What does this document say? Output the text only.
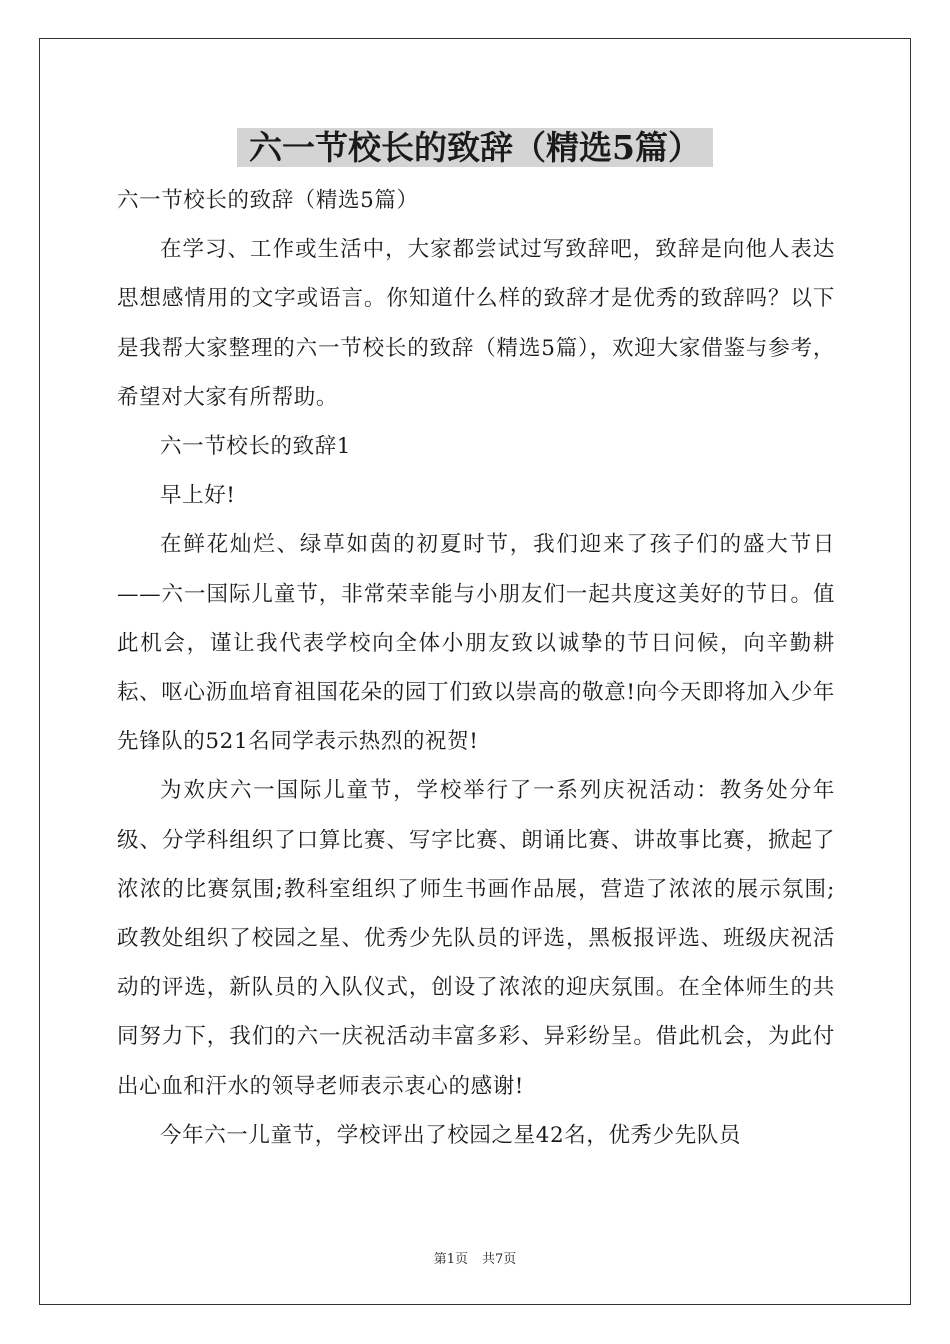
六一节校长的致辞（精选5篇）

六一节校长的致辞（精选5篇）

在学习、工作或生活中，大家都尝试过写致辞吧，致辞是向他人表达思想感情用的文字或语言。你知道什么样的致辞才是优秀的致辞吗？以下是我帮大家整理的六一节校长的致辞（精选5篇），欢迎大家借鉴与参考，希望对大家有所帮助。

六一节校长的致辞1

早上好!

在鲜花灿烂、绿草如茵的初夏时节，我们迎来了孩子们的盛大节日——六一国际儿童节，非常荣幸能与小朋友们一起共度这美好的节日。值此机会，谨让我代表学校向全体小朋友致以诚挚的节日问候，向辛勤耕耘、呕心沥血培育祖国花朵的园丁们致以崇高的敬意!向今天即将加入少年先锋队的521名同学表示热烈的祝贺!

为欢庆六一国际儿童节，学校举行了一系列庆祝活动：教务处分年级、分学科组织了口算比赛、写字比赛、朗诵比赛、讲故事比赛，掀起了浓浓的比赛氛围;教科室组织了师生书画作品展，营造了浓浓的展示氛围;政教处组织了校园之星、优秀少先队员的评选，黑板报评选、班级庆祝活动的评选，新队员的入队仪式，创设了浓浓的迎庆氛围。在全体师生的共同努力下，我们的六一庆祝活动丰富多彩、异彩纷呈。借此机会，为此付出心血和汗水的领导老师表示衷心的感谢!

今年六一儿童节，学校评出了校园之星42名，优秀少先队员

第1页 共7页
